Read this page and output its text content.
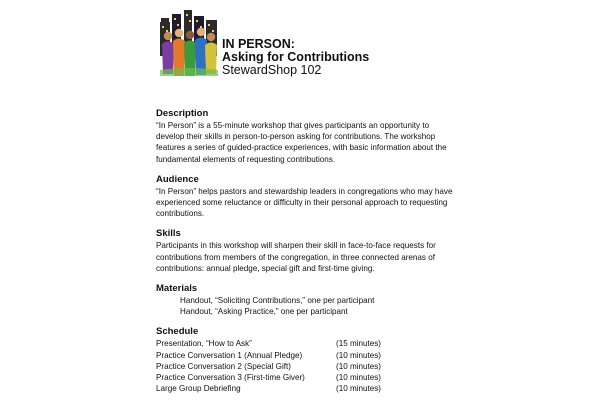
IN PERSON:
Asking for Contributions
StewardShop 102
Description
“In Person” is a 55-minute workshop that gives participants an opportunity to develop their skills in person-to-person asking for contributions. The workshop features a series of guided-practice experiences, with basic information about the fundamental elements of requesting contributions.
Audience
“In Person” helps pastors and stewardship leaders in congregations who may have experienced some reluctance or difficulty in their personal approach to requesting contributions.
Skills
Participants in this workshop will sharpen their skill in face-to-face requests for contributions from members of the congregation, in three connected arenas of contributions: annual pledge, special gift and first-time giving.
Materials
Handout, “Soliciting Contributions,” one per participant
Handout, “Asking Practice,” one per participant
Schedule
Presentation, “How to Ask”	(15 minutes)
Practice Conversation 1 (Annual Pledge)	(10 minutes)
Practice Conversation 2 (Special Gift)	(10 minutes)
Practice Conversation 3 (First-time Giver)	(10 minutes)
Large Group Debriefing	(10 minutes)
